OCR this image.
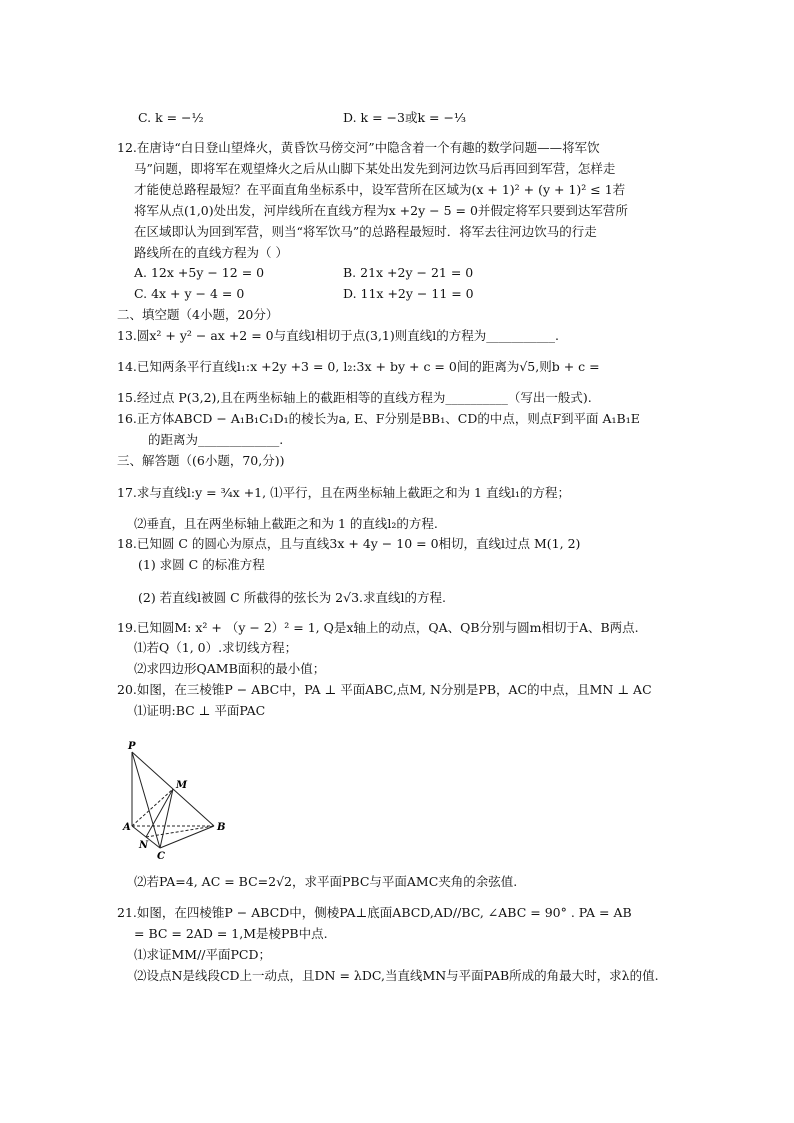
C. k = −½	D. k = −3或k = −⅓
12.在唐诗“白日登山望烽火，黄昏饮马傍交河”中隐含着一个有趣的数学问题——将军饮
马”问题，即将军在观望烽火之后从山脚下某处出发先到河边饮马后再回到军营，怎样走
才能使总路程最短？在平面直角坐标系中，设军营所在区域为(x + 1)² + (y + 1)² ≤ 1若
将军从点(1,0)处出发，河岸线所在直线方程为x +2y − 5 = 0并假定将军只要到达军营所
在区域即认为回到军营，则当“将军饮马”的总路程最短时．将军去往河边饮马的行走
路线所在的直线方程为（ ）
A. 12x +5y − 12 = 0	B. 21x +2y − 21 = 0
C. 4x + y − 4 = 0	D. 11x +2y − 11 = 0
二、填空题（4小题，20分）
13.圆x² + y² − ax +2 = 0与直线l相切于点(3,1)则直线l的方程为___________.
14.已知两条平行直线l₁:x +2y +3 = 0, l₂:3x + by + c = 0间的距离为√5,则b + c =
15.经过点 P(3,2),且在两坐标轴上的截距相等的直线方程为__________（写出一般式).
16.正方体ABCD − A₁B₁C₁D₁的棱长为a, E、F分别是BB₁、CD的中点，则点F到平面 A₁B₁E
的距离为_____________.
三、解答题（(6小题，70,分))
17.求与直线l:y = ¾x +1, ⑴平行，且在两坐标轴上截距之和为 1 直线l₁的方程；
⑵垂直，且在两坐标轴上截距之和为 1 的直线l₂的方程.
18.已知圆 C 的圆心为原点，且与直线3x + 4y − 10 = 0相切，直线l过点 M(1, 2)
(1) 求圆 C 的标准方程
(2) 若直线l被圆 C 所截得的弦长为 2√3.求直线l的方程.
19.已知圆M: x² + （y − 2）² = 1, Q是x轴上的动点，QA、QB分别与圆m相切于A、B两点.
⑴若Q（1, 0）.求切线方程；
⑵求四边形QAMB面积的最小值；
20.如图，在三棱锥P − ABC中，PA ⊥ 平面ABC,点M, N分别是PB，AC的中点，且MN ⊥ AC
⑴证明:BC ⊥ 平面PAC
P
M
A
N
B
C
⑵若PA=4, AC = BC=2√2，求平面PBC与平面AMC夹角的余弦值.
21.如图，在四棱锥P − ABCD中，侧棱PA⊥底面ABCD,AD//BC, ∠ABC = 90° . PA = AB
= BC = 2AD = 1,M是棱PB中点.
⑴求证MM//平面PCD；
⑵设点N是线段CD上一动点，且DN = λDC,当直线MN与平面PAB所成的角最大时，求λ的值.
